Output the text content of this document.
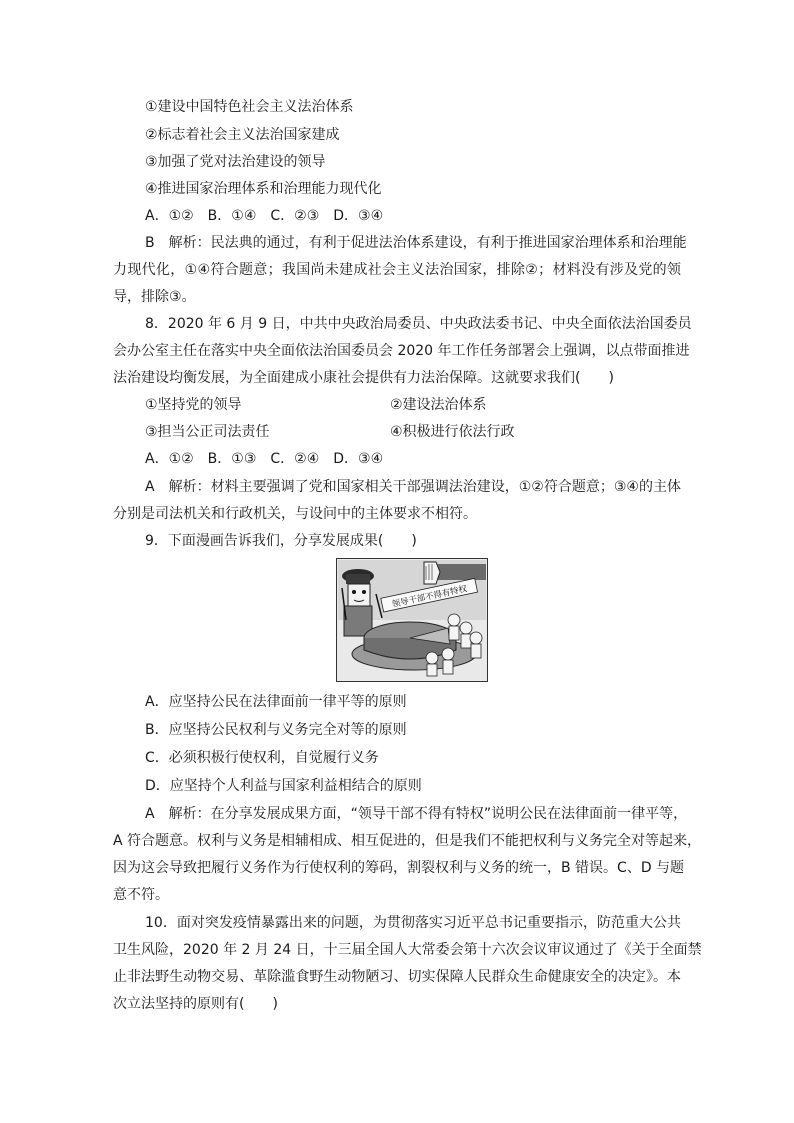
①建设中国特色社会主义法治体系
②标志着社会主义法治国家建成
③加强了党对法治建设的领导
④推进国家治理体系和治理能力现代化
A．①②　B．①④　C．②③　D．③④
B　解析：民法典的通过，有利于促进法治体系建设，有利于推进国家治理体系和治理能
力现代化，①④符合题意；我国尚未建成社会主义法治国家，排除②；材料没有涉及党的领
导，排除③。
8．2020 年 6 月 9 日，中共中央政治局委员、中央政法委书记、中央全面依法治国委员
会办公室主任在落实中央全面依法治国委员会 2020 年工作任务部署会上强调，以点带面推进
法治建设均衡发展，为全面建成小康社会提供有力法治保障。这就要求我们(　　)
①坚持党的领导	②建设法治体系
③担当公正司法责任	④积极进行依法行政
A．①②　B．①③　C．②④　D．③④
A　解析：材料主要强调了党和国家相关干部强调法治建设，①②符合题意；③④的主体
分别是司法机关和行政机关，与设问中的主体要求不相符。
9．下面漫画告诉我们，分享发展成果(　　)
领导干部不得有特权

A．应坚持公民在法律面前一律平等的原则
B．应坚持公民权利与义务完全对等的原则
C．必须积极行使权利，自觉履行义务
D．应坚持个人利益与国家利益相结合的原则
A　解析：在分享发展成果方面，“领导干部不得有特权”说明公民在法律面前一律平等，
A 符合题意。权利与义务是相辅相成、相互促进的，但是我们不能把权利与义务完全对等起来，
因为这会导致把履行义务作为行使权利的筹码，割裂权利与义务的统一，B 错误。C、D 与题
意不符。
10．面对突发疫情暴露出来的问题，为贯彻落实习近平总书记重要指示，防范重大公共
卫生风险，2020 年 2 月 24 日，十三届全国人大常委会第十六次会议审议通过了《关于全面禁
止非法野生动物交易、革除滥食野生动物陋习、切实保障人民群众生命健康安全的决定》。本
次立法坚持的原则有(　　)
